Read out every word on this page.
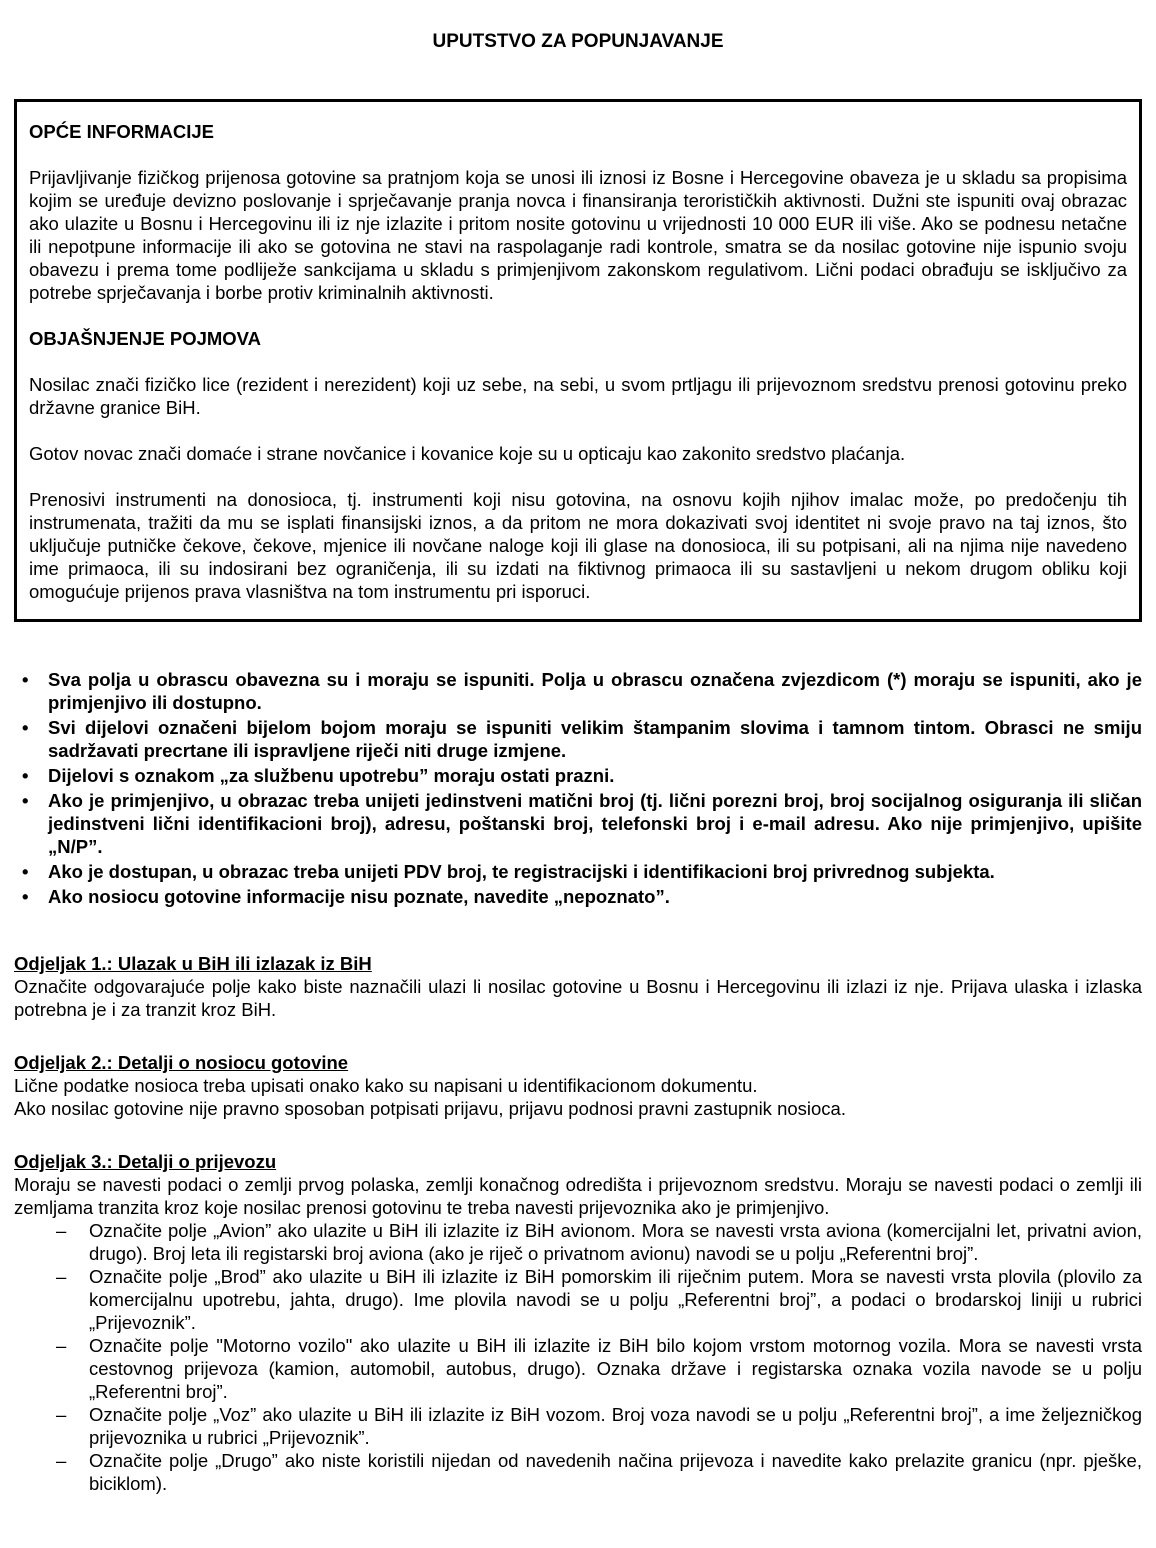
UPUTSTVO ZA POPUNJAVANJE

OPĆE INFORMACIJE

Prijavljivanje fizičkog prijenosa gotovine sa pratnjom koja se unosi ili iznosi iz Bosne i Hercegovine obaveza je u skladu sa propisima kojim se uređuje devizno poslovanje i sprječavanje pranja novca i finansiranja terorističkih aktivnosti. Dužni ste ispuniti ovaj obrazac ako ulazite u Bosnu i Hercegovinu ili iz nje izlazite i pritom nosite gotovinu u vrijednosti 10 000 EUR ili više. Ako se podnesu netačne ili nepotpune informacije ili ako se gotovina ne stavi na raspolaganje radi kontrole, smatra se da nosilac gotovine nije ispunio svoju obavezu i prema tome podliježe sankcijama u skladu s primjenjivom zakonskom regulativom. Lični podaci obrađuju se isključivo za potrebe sprječavanja i borbe protiv kriminalnih aktivnosti.

OBJAŠNJENJE POJMOVA

Nosilac znači fizičko lice (rezident i nerezident) koji uz sebe, na sebi, u svom prtljagu ili prijevoznom sredstvu prenosi gotovinu preko državne granice BiH.

Gotov novac znači domaće i strane novčanice i kovanice koje su u opticaju kao zakonito sredstvo plaćanja.

Prenosivi instrumenti na donosioca, tj. instrumenti koji nisu gotovina, na osnovu kojih njihov imalac može, po predočenju tih instrumenata, tražiti da mu se isplati finansijski iznos, a da pritom ne mora dokazivati svoj identitet ni svoje pravo na taj iznos, što uključuje putničke čekove, čekove, mjenice ili novčane naloge koji ili glase na donosioca, ili su potpisani, ali na njima nije navedeno ime primaoca, ili su indosirani bez ograničenja, ili su izdati na fiktivnog primaoca ili su sastavljeni u nekom drugom obliku koji omogućuje prijenos prava vlasništva na tom instrumentu pri isporuci.

•	Sva polja u obrascu obavezna su i moraju se ispuniti. Polja u obrascu označena zvjezdicom (*) moraju se ispuniti, ako je primjenjivo ili dostupno.
•	Svi dijelovi označeni bijelom bojom moraju se ispuniti velikim štampanim slovima i tamnom tintom. Obrasci ne smiju sadržavati precrtane ili ispravljene riječi niti druge izmjene.
•	Dijelovi s oznakom „za službenu upotrebu” moraju ostati prazni.
•	Ako je primjenjivo, u obrazac treba unijeti jedinstveni matični broj (tj. lični porezni broj, broj socijalnog osiguranja ili sličan jedinstveni lični identifikacioni broj), adresu, poštanski broj, telefonski broj i e-mail adresu. Ako nije primjenjivo, upišite „N/P”.
•	Ako je dostupan, u obrazac treba unijeti PDV broj, te registracijski i identifikacioni broj privrednog subjekta.
•	Ako nosiocu gotovine informacije nisu poznate, navedite „nepoznato”.

Odjeljak 1.: Ulazak u BiH ili izlazak iz BiH

Označite odgovarajuće polje kako biste naznačili ulazi li nosilac gotovine u Bosnu i Hercegovinu ili izlazi iz nje. Prijava ulaska i izlaska potrebna je i za tranzit kroz BiH.

Odjeljak 2.: Detalji o nosiocu gotovine

Lične podatke nosioca treba upisati onako kako su napisani u identifikacionom dokumentu.

Ako nosilac gotovine nije pravno sposoban potpisati prijavu, prijavu podnosi pravni zastupnik nosioca.

Odjeljak 3.: Detalji o prijevozu

Moraju se navesti podaci o zemlji prvog polaska, zemlji konačnog odredišta i prijevoznom sredstvu. Moraju se navesti podaci o zemlji ili zemljama tranzita kroz koje nosilac prenosi gotovinu te treba navesti prijevoznika ako je primjenjivo.

–	Označite polje „Avion” ako ulazite u BiH ili izlazite iz BiH avionom. Mora se navesti vrsta aviona (komercijalni let, privatni avion, drugo). Broj leta ili registarski broj aviona (ako je riječ o privatnom avionu) navodi se u polju „Referentni broj”.
–	Označite polje „Brod” ako ulazite u BiH ili izlazite iz BiH pomorskim ili riječnim putem. Mora se navesti vrsta plovila (plovilo za komercijalnu upotrebu, jahta, drugo). Ime plovila navodi se u polju „Referentni broj”, a podaci o brodarskoj liniji u rubrici „Prijevoznik”.
–	Označite polje "Motorno vozilo" ako ulazite u BiH ili izlazite iz BiH bilo kojom vrstom motornog vozila. Mora se navesti vrsta cestovnog prijevoza (kamion, automobil, autobus, drugo). Oznaka države i registarska oznaka vozila navode se u polju „Referentni broj”.
–	Označite polje „Voz” ako ulazite u BiH ili izlazite iz BiH vozom. Broj voza navodi se u polju „Referentni broj”, a ime željezničkog prijevoznika u rubrici „Prijevoznik”.
–	Označite polje „Drugo” ako niste koristili nijedan od navedenih načina prijevoza i navedite kako prelazite granicu (npr. pješke, biciklom).
